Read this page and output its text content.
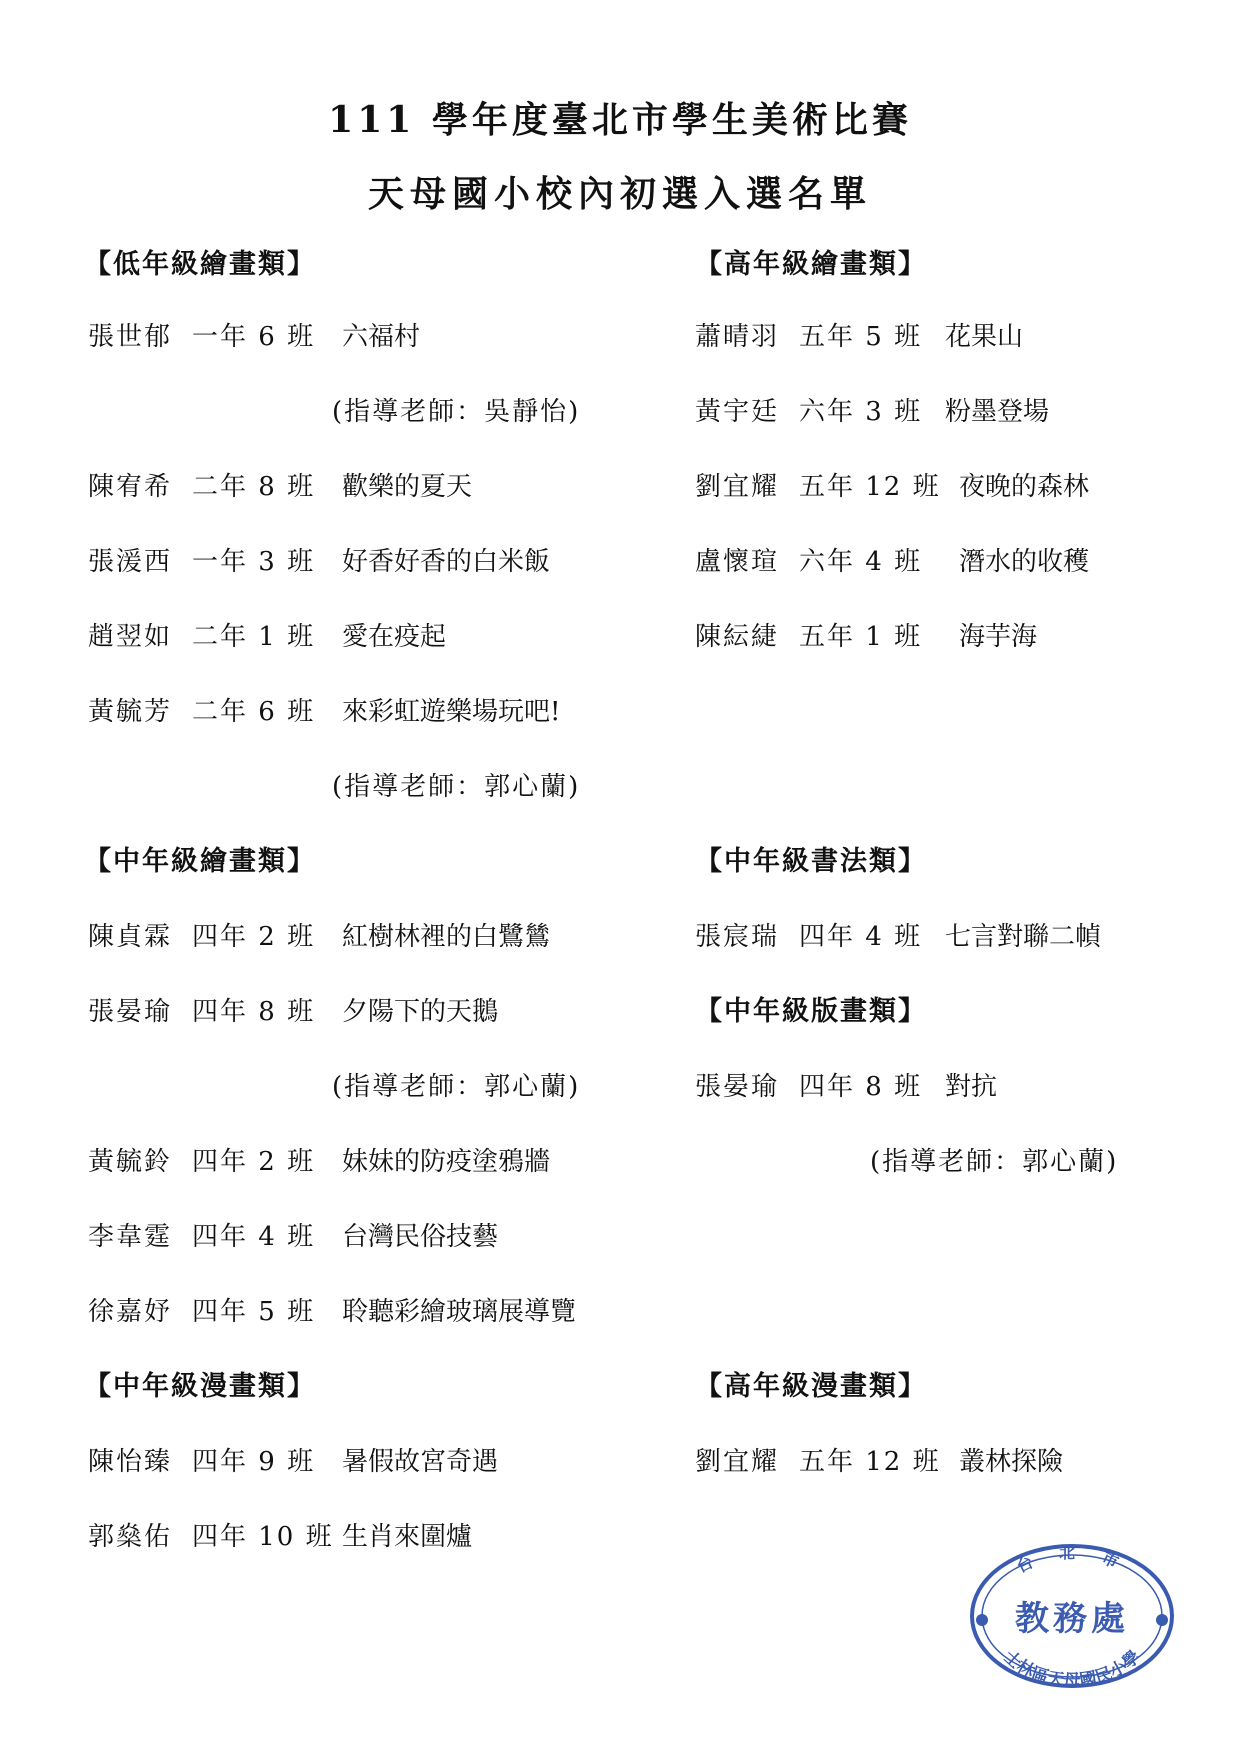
111 學年度臺北市學生美術比賽
天母國小校內初選入選名單
【低年級繪畫類】
張世郁 一年 6 班 六福村
(指導老師：吳靜怡)
陳宥希 二年 8 班 歡樂的夏天
張湲西 一年 3 班 好香好香的白米飯
趙翌如 二年 1 班 愛在疫起
黃毓芳 二年 6 班 來彩虹遊樂場玩吧!
(指導老師：郭心蘭)
【中年級繪畫類】
陳貞霖 四年 2 班 紅樹林裡的白鷺鷥
張晏瑜 四年 8 班 夕陽下的天鵝
(指導老師：郭心蘭)
黃毓鈴 四年 2 班 妹妹的防疫塗鴉牆
李韋霆 四年 4 班 台灣民俗技藝
徐嘉妤 四年 5 班 聆聽彩繪玻璃展導覽
【中年級漫畫類】
陳怡臻 四年 9 班 暑假故宮奇遇
郭燊佑 四年 10 班 生肖來圍爐
【高年級繪畫類】
蕭晴羽 五年 5 班 花果山
黃宇廷 六年 3 班 粉墨登場
劉宜耀 五年 12 班 夜晚的森林
盧懷瑄 六年 4 班 潛水的收穫
陳紜緁 五年 1 班 海芋海
【中年級書法類】
張宸瑞 四年 4 班 七言對聯二幀
【中年級版畫類】
張晏瑜 四年 8 班 對抗
(指導老師：郭心蘭)
【高年級漫畫類】
劉宜耀 五年 12 班 叢林探險
台 北 市
教務處
士林區天母國民小學
